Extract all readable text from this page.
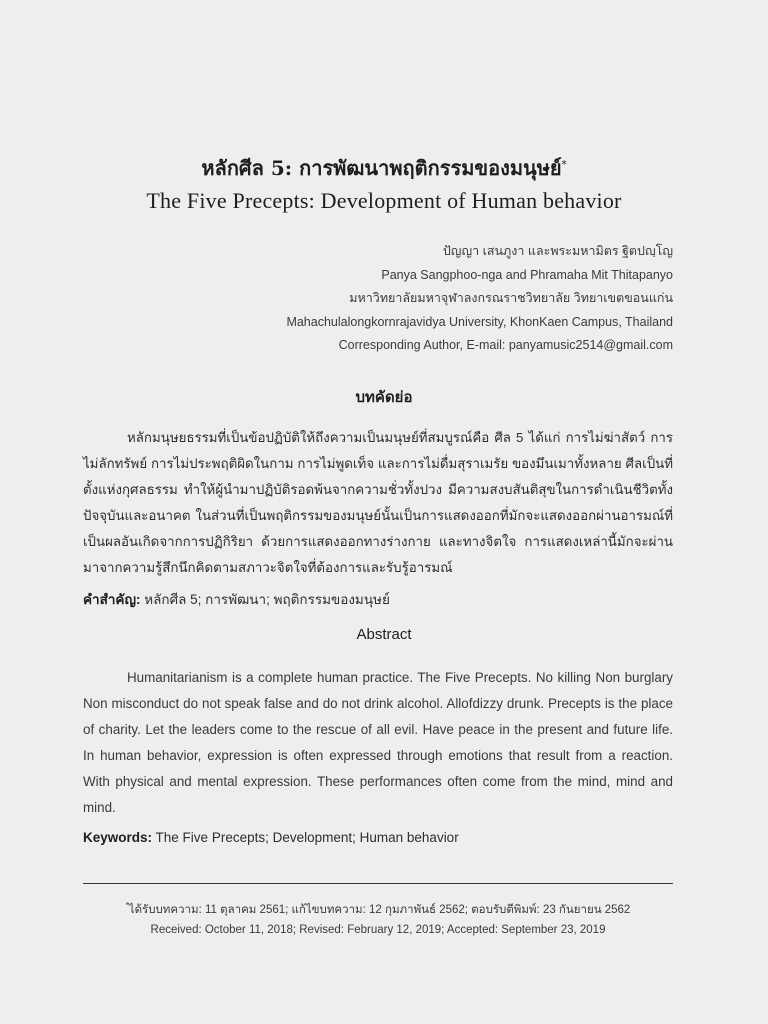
หลักศีล 5: การพัฒนาพฤติกรรมของมนุษย์*
The Five Precepts: Development of Human behavior
ปัญญา เสนภูงา และพระมหามิตร ฐิตปญฺโญ
Panya Sangphoo-nga and Phramaha Mit Thitapanyo
มหาวิทยาลัยมหาจุฬาลงกรณราชวิทยาลัย วิทยาเขตขอนแก่น
Mahachulalongkornrajavidya University, KhonKaen Campus, Thailand
Corresponding Author, E-mail: panyamusic2514@gmail.com
บทคัดย่อ
หลักมนุษยธรรมที่เป็นข้อปฏิบัติให้ถึงความเป็นมนุษย์ที่สมบูรณ์คือ ศีล 5 ได้แก่ การไม่ฆ่าสัตว์ การไม่ลักทรัพย์ การไม่ประพฤติผิดในกาม การไม่พูดเท็จ และการไม่ดื่มสุราเมรัย ของมึนเมาทั้งหลาย ศีลเป็นที่ตั้งแห่งกุศลธรรม ทำให้ผู้นำมาปฏิบัติรอดพ้นจากความชั่วทั้งปวง มีความสงบสันติสุขในการดำเนินชีวิตทั้งปัจจุบันและอนาคต ในส่วนที่เป็นพฤติกรรมของมนุษย์นั้นเป็นการแสดงออกที่มักจะแสดงออกผ่านอารมณ์ที่เป็นผลอันเกิดจากการปฏิกิริยา ด้วยการแสดงออกทางร่างกาย และทางจิตใจ การแสดงเหล่านี้มักจะผ่านมาจากความรู้สึกนึกคิดตามสภาวะจิตใจที่ต้องการและรับรู้อารมณ์
คำสำคัญ: หลักศีล 5; การพัฒนา; พฤติกรรมของมนุษย์
Abstract
Humanitarianism is a complete human practice. The Five Precepts. No killing Non burglary Non misconduct do not speak false and do not drink alcohol. Allofdizzy drunk. Precepts is the place of charity. Let the leaders come to the rescue of all evil. Have peace in the present and future life. In human behavior, expression is often expressed through emotions that result from a reaction. With physical and mental expression. These performances often come from the mind, mind and mind.
Keywords: The Five Precepts; Development; Human behavior
*ได้รับบทความ: 11 ตุลาคม 2561; แก้ไขบทความ: 12 กุมภาพันธ์ 2562; ตอบรับตีพิมพ์: 23 กันยายน 2562
Received: October 11, 2018; Revised: February 12, 2019; Accepted: September 23, 2019
